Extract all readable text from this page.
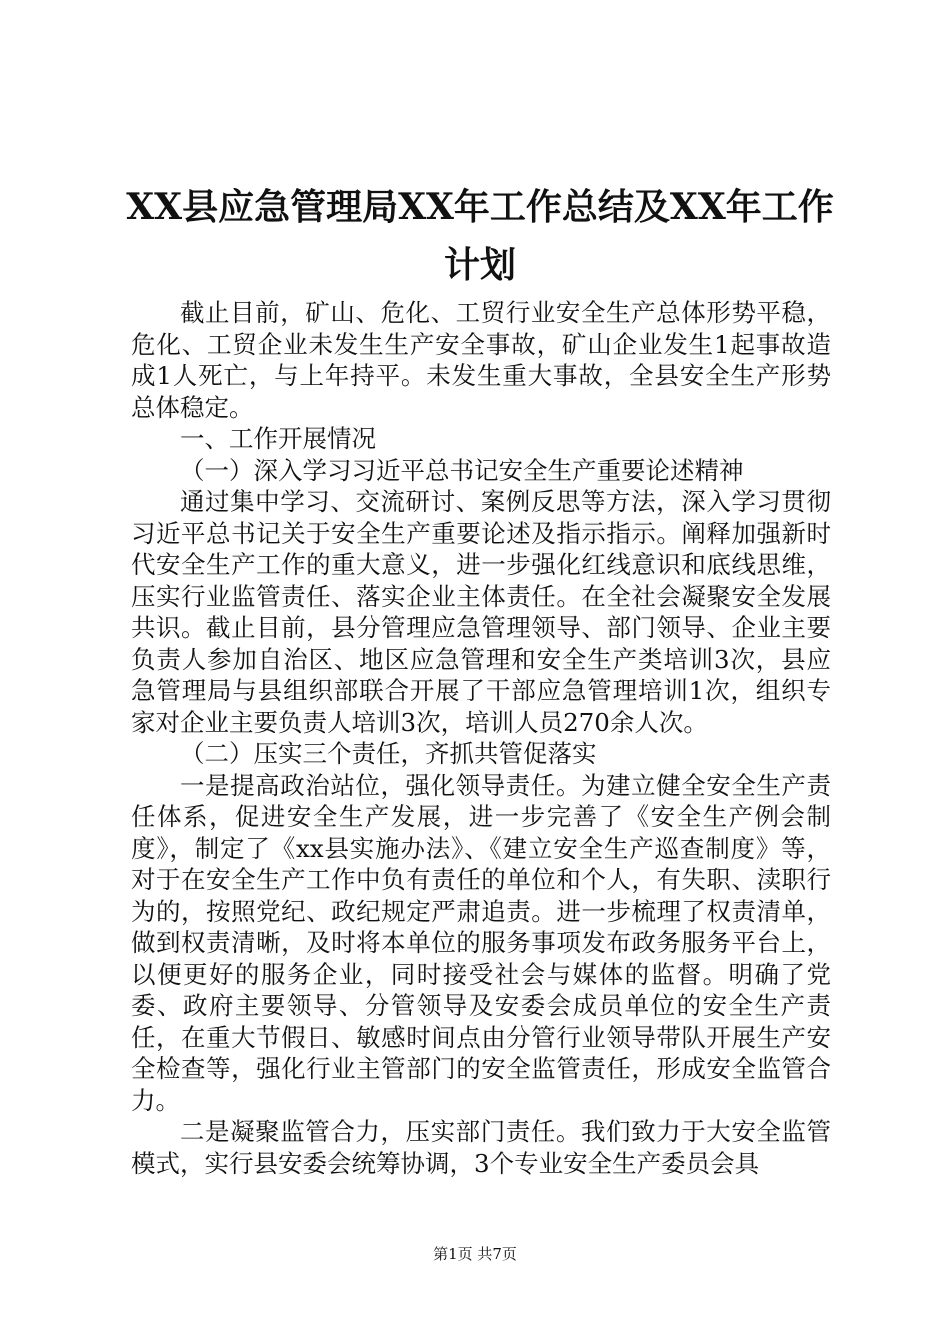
XX县应急管理局XX年工作总结及XX年工作计划

截止目前，矿山、危化、工贸行业安全生产总体形势平稳，危化、工贸企业未发生生产安全事故，矿山企业发生1起事故造成1人死亡，与上年持平。未发生重大事故，全县安全生产形势总体稳定。

一、工作开展情况

（一）深入学习习近平总书记安全生产重要论述精神

通过集中学习、交流研讨、案例反思等方法，深入学习贯彻习近平总书记关于安全生产重要论述及指示指示。阐释加强新时代安全生产工作的重大意义，进一步强化红线意识和底线思维，压实行业监管责任、落实企业主体责任。在全社会凝聚安全发展共识。截止目前，县分管理应急管理领导、部门领导、企业主要负责人参加自治区、地区应急管理和安全生产类培训3次，县应急管理局与县组织部联合开展了干部应急管理培训1次，组织专家对企业主要负责人培训3次，培训人员270余人次。

（二）压实三个责任，齐抓共管促落实

一是提高政治站位，强化领导责任。为建立健全安全生产责任体系，促进安全生产发展，进一步完善了《安全生产例会制度》，制定了《xx县实施办法》、《建立安全生产巡查制度》等，对于在安全生产工作中负有责任的单位和个人，有失职、渎职行为的，按照党纪、政纪规定严肃追责。进一步梳理了权责清单，做到权责清晰，及时将本单位的服务事项发布政务服务平台上，以便更好的服务企业，同时接受社会与媒体的监督。明确了党委、政府主要领导、分管领导及安委会成员单位的安全生产责任，在重大节假日、敏感时间点由分管行业领导带队开展生产安全检查等，强化行业主管部门的安全监管责任，形成安全监管合力。

二是凝聚监管合力，压实部门责任。我们致力于大安全监管模式，实行县安委会统筹协调，3个专业安全生产委员会具

第1页 共7页
